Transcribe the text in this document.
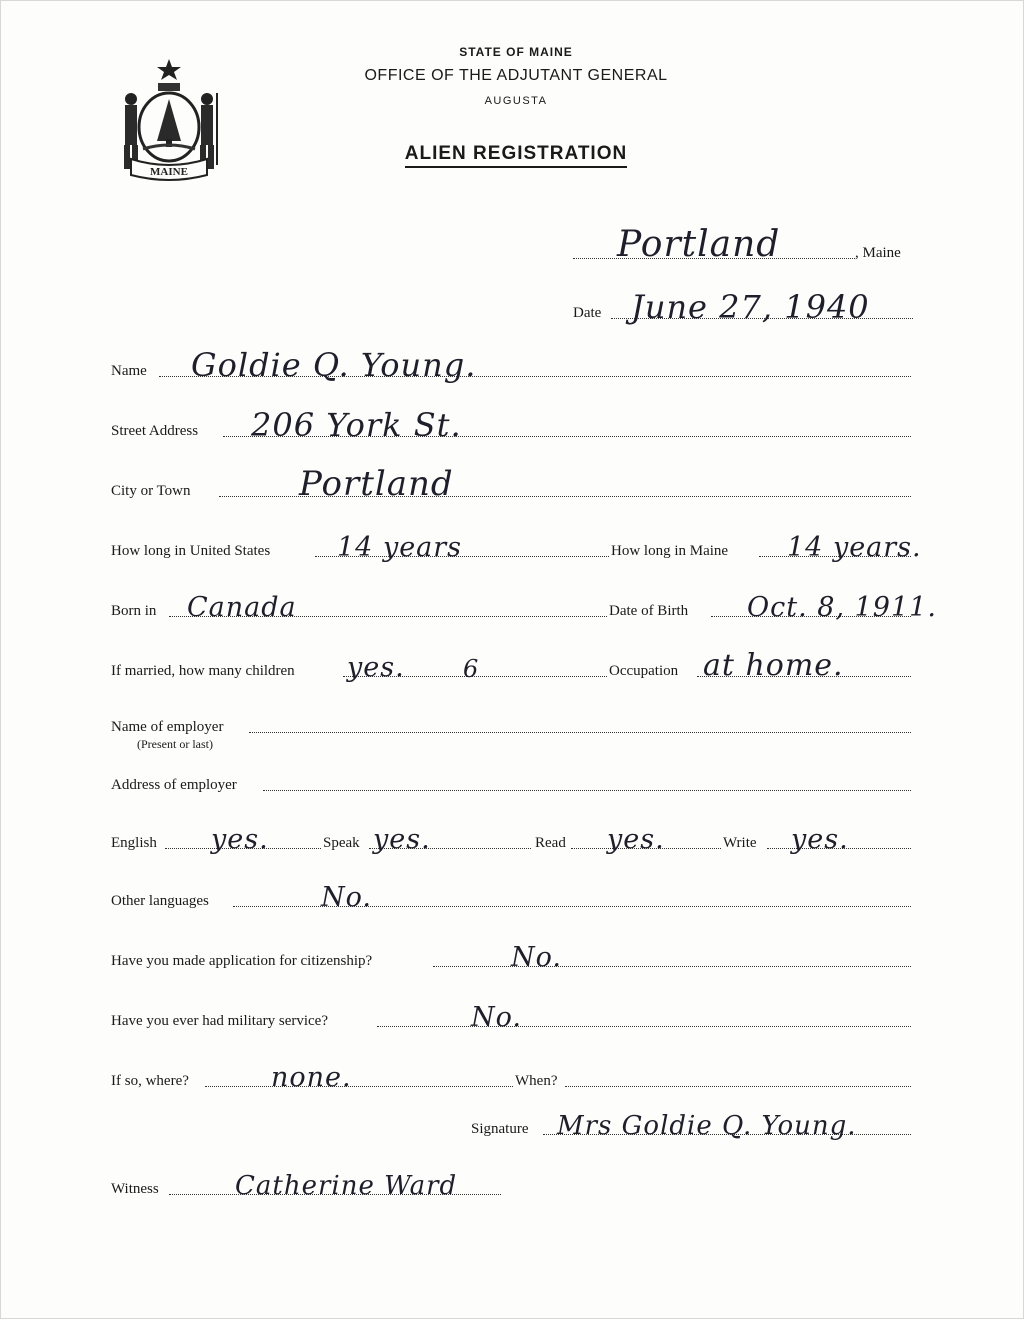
MAINE
STATE OF MAINE
OFFICE OF THE ADJUTANT GENERAL
AUGUSTA
ALIEN REGISTRATION
Portland	, Maine
Date June 27, 1940
Name Goldie Q. Young.
Street Address 206 York St.
City or Town	Portland
How long in United States 14 years	How long in Maine 14 years.
Born in Canada	Date of Birth Oct. 8, 1911.
If married, how many children yes. 6	Occupation at home.
Name of employer
(Present or last)
Address of employer
English yes.	Speak yes.	Read yes.	Write yes.
Other languages	No.
Have you made application for citizenship?	No.
Have you ever had military service?	No.
If so, where?	none.	When?
Signature Mrs Goldie Q. Young.
Witness	Catherine Ward
